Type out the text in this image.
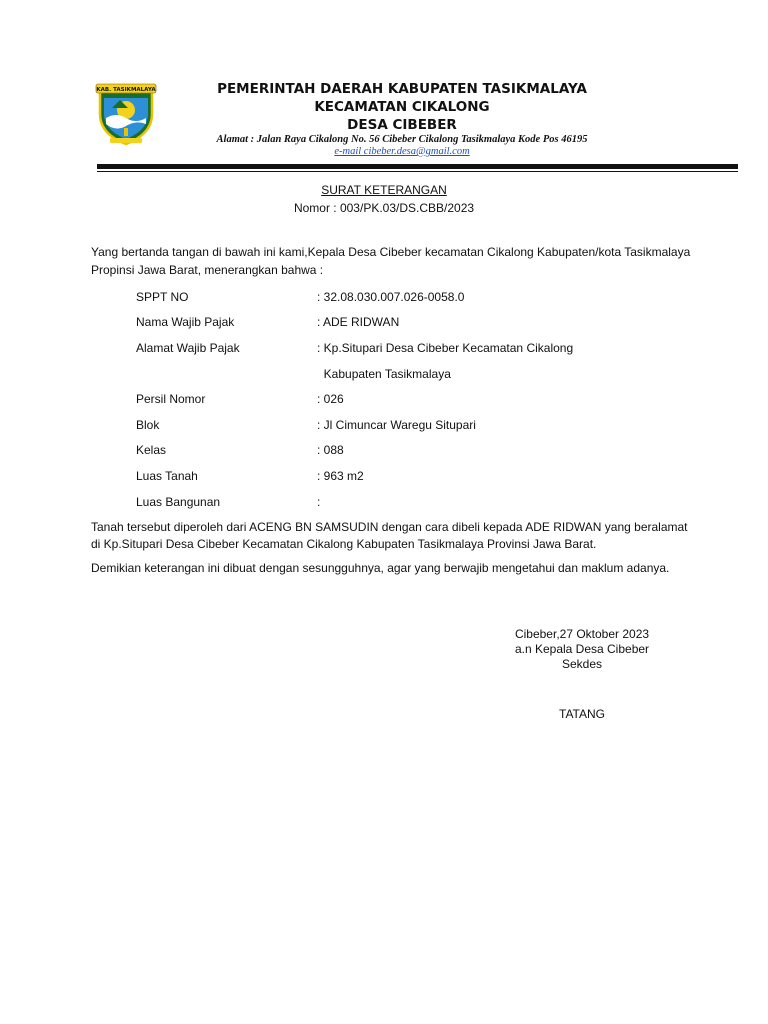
KAB. TASIKMALAYA	PEMERINTAH DAERAH KABUPATEN TASIKMALAYA
KECAMATAN CIKALONG
DESA CIBEBER
Alamat : Jalan Raya Cikalong No. 56 Cibeber Cikalong Tasikmalaya Kode Pos 46195
e-mail cibeber.desa@gmail.com
SURAT KETERANGAN
Nomor : 003/PK.03/DS.CBB/2023
Yang bertanda tangan di bawah ini kami,Kepala Desa Cibeber kecamatan Cikalong Kabupaten/kota Tasikmalaya Propinsi Jawa Barat, menerangkan bahwa :
SPPT NO	: 32.08.030.007.026-0058.0
Nama Wajib Pajak	: ADE RIDWAN
Alamat Wajib Pajak	: Kp.Situpari Desa Cibeber Kecamatan Cikalong
Kabupaten Tasikmalaya
Persil Nomor	: 026
Blok	: Jl Cimuncar Waregu Situpari
Kelas	: 088
Luas Tanah	: 963 m2
Luas Bangunan	:
Tanah tersebut diperoleh dari ACENG BN SAMSUDIN dengan cara dibeli kepada ADE RIDWAN yang beralamat di Kp.Situpari Desa Cibeber Kecamatan Cikalong Kabupaten Tasikmalaya Provinsi Jawa Barat.
Demikian keterangan ini dibuat dengan sesungguhnya, agar yang berwajib mengetahui dan maklum adanya.
Cibeber,27 Oktober 2023
a.n Kepala Desa Cibeber
Sekdes
TATANG
